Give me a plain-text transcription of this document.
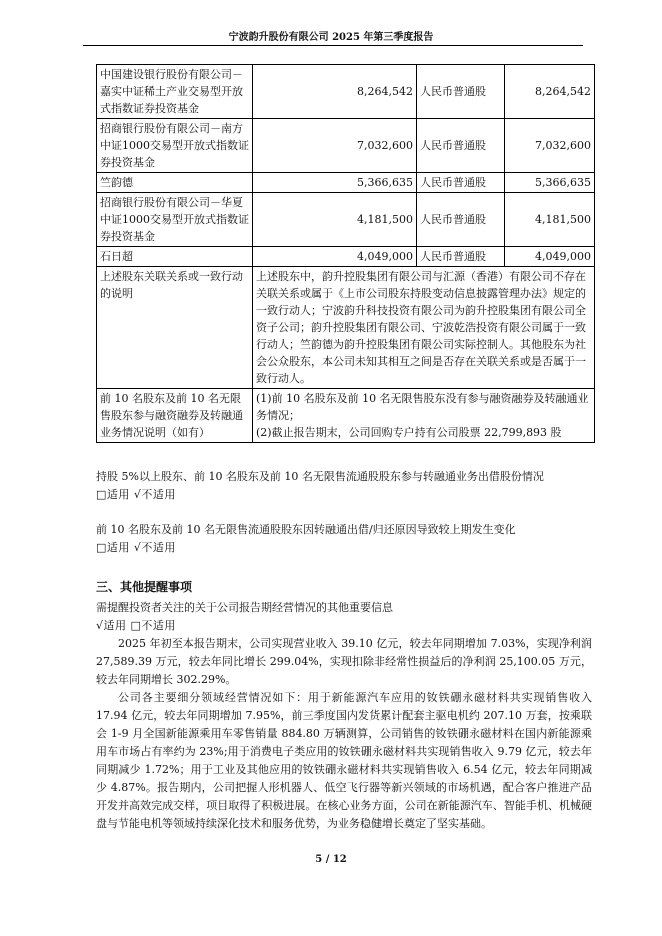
宁波韵升股份有限公司 2025 年第三季度报告
中国建设银行股份有限公司－嘉实中证稀土产业交易型开放式指数证券投资基金	8,264,542	人民币普通股	8,264,542
招商银行股份有限公司－南方中证1000交易型开放式指数证券投资基金	7,032,600	人民币普通股	7,032,600
竺韵德	5,366,635	人民币普通股	5,366,635
招商银行股份有限公司－华夏中证1000交易型开放式指数证券投资基金	4,181,500	人民币普通股	4,181,500
石日超	4,049,000	人民币普通股	4,049,000
上述股东关联关系或一致行动的说明	上述股东中，韵升控股集团有限公司与汇源（香港）有限公司不存在关联关系或属于《上市公司股东持股变动信息披露管理办法》规定的一致行动人；宁波韵升科技投资有限公司为韵升控股集团有限公司全资子公司；韵升控股集团有限公司、宁波乾浩投资有限公司属于一致行动人；竺韵德为韵升控股集团有限公司实际控制人。其他股东为社会公众股东，本公司未知其相互之间是否存在关联关系或是否属于一致行动人。		
前 10 名股东及前 10 名无限售股东参与融资融券及转融通业务情况说明（如有）	(1)前 10 名股东及前 10 名无限售股东没有参与融资融券及转融通业务情况；
(2)截止报告期末，公司回购专户持有公司股票 22,799,893 股		
持股 5%以上股东、前 10 名股东及前 10 名无限售流通股股东参与转融通业务出借股份情况
□适用 √不适用
前 10 名股东及前 10 名无限售流通股股东因转融通出借/归还原因导致较上期发生变化
□适用 √不适用
三、其他提醒事项
需提醒投资者关注的关于公司报告期经营情况的其他重要信息
√适用 □不适用
2025 年初至本报告期末，公司实现营业收入 39.10 亿元，较去年同期增加 7.03%，实现净利润 27,589.39 万元，较去年同比增长 299.04%，实现扣除非经常性损益后的净利润 25,100.05 万元，较去年同期增长 302.29%。
公司各主要细分领域经营情况如下：用于新能源汽车应用的钕铁硼永磁材料共实现销售收入 17.94 亿元，较去年同期增加 7.95%，前三季度国内发货累计配套主驱电机约 207.10 万套，按乘联会 1-9 月全国新能源乘用车零售销量 884.80 万辆测算，公司销售的钕铁硼永磁材料在国内新能源乘用车市场占有率约为 23%;用于消费电子类应用的钕铁硼永磁材料共实现销售收入 9.79 亿元，较去年同期减少 1.72%；用于工业及其他应用的钕铁硼永磁材料共实现销售收入 6.54 亿元，较去年同期减少 4.87%。报告期内，公司把握人形机器人、低空飞行器等新兴领域的市场机遇，配合客户推进产品开发并高效完成交样，项目取得了积极进展。在核心业务方面，公司在新能源汽车、智能手机、机械硬盘与节能电机等领域持续深化技术和服务优势，为业务稳健增长奠定了坚实基础。
5 / 12
